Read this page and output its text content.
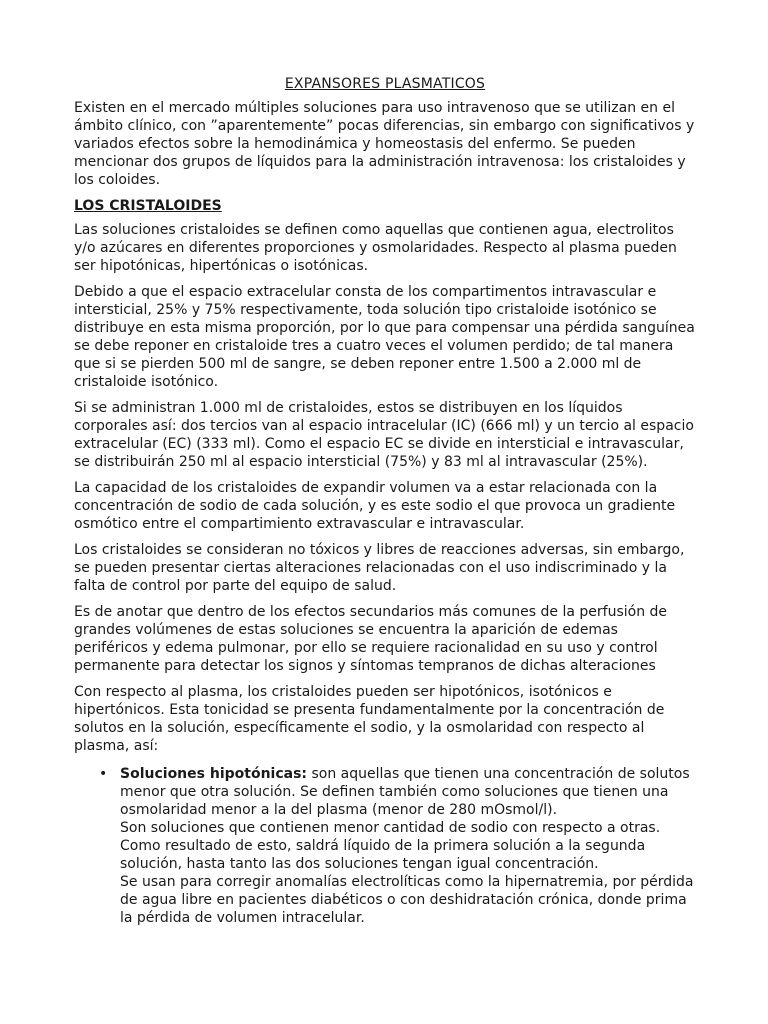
EXPANSORES PLASMATICOS

Existen en el mercado múltiples soluciones para uso intravenoso que se utilizan en el ámbito clínico, con ”aparentemente” pocas diferencias, sin embargo con significativos y variados efectos sobre la hemodinámica y homeostasis del enfermo. Se pueden mencionar dos grupos de líquidos para la administración intravenosa: los cristaloides y los coloides.

LOS CRISTALOIDES

Las soluciones cristaloides se definen como aquellas que contienen agua, electrolitos y/o azúcares en diferentes proporciones y osmolaridades. Respecto al plasma pueden ser hipotónicas, hipertónicas o isotónicas.

Debido a que el espacio extracelular consta de los compartimentos intravascular e intersticial, 25% y 75% respectivamente, toda solución tipo cristaloide isotónico se distribuye en esta misma proporción, por lo que para compensar una pérdida sanguínea se debe reponer en cristaloide tres a cuatro veces el volumen perdido; de tal manera que si se pierden 500 ml de sangre, se deben reponer entre 1.500 a 2.000 ml de cristaloide isotónico.

Si se administran 1.000 ml de cristaloides, estos se distribuyen en los líquidos corporales así: dos tercios van al espacio intracelular (IC) (666 ml) y un tercio al espacio extracelular (EC) (333 ml). Como el espacio EC se divide en intersticial e intravascular, se distribuirán 250 ml al espacio intersticial (75%) y 83 ml al intravascular (25%).

La capacidad de los cristaloides de expandir volumen va a estar relacionada con la concentración de sodio de cada solución, y es este sodio el que provoca un gradiente osmótico entre el compartimiento extravascular e intravascular.

Los cristaloides se consideran no tóxicos y libres de reacciones adversas, sin embargo, se pueden presentar ciertas alteraciones relacionadas con el uso indiscriminado y la falta de control por parte del equipo de salud.

Es de anotar que dentro de los efectos secundarios más comunes de la perfusión de grandes volúmenes de estas soluciones se encuentra la aparición de edemas periféricos y edema pulmonar, por ello se requiere racionalidad en su uso y control permanente para detectar los signos y síntomas tempranos de dichas alteraciones

Con respecto al plasma, los cristaloides pueden ser hipotónicos, isotónicos e hipertónicos. Esta tonicidad se presenta fundamentalmente por la concentración de solutos en la solución, específicamente el sodio, y la osmolaridad con respecto al plasma, así:

• Soluciones hipotónicas: son aquellas que tienen una concentración de solutos menor que otra solución. Se definen también como soluciones que tienen una osmolaridad menor a la del plasma (menor de 280 mOsmol/l).
Son soluciones que contienen menor cantidad de sodio con respecto a otras. Como resultado de esto, saldrá líquido de la primera solución a la segunda solución, hasta tanto las dos soluciones tengan igual concentración.
Se usan para corregir anomalías electrolíticas como la hipernatremia, por pérdida de agua libre en pacientes diabéticos o con deshidratación crónica, donde prima la pérdida de volumen intracelular.
